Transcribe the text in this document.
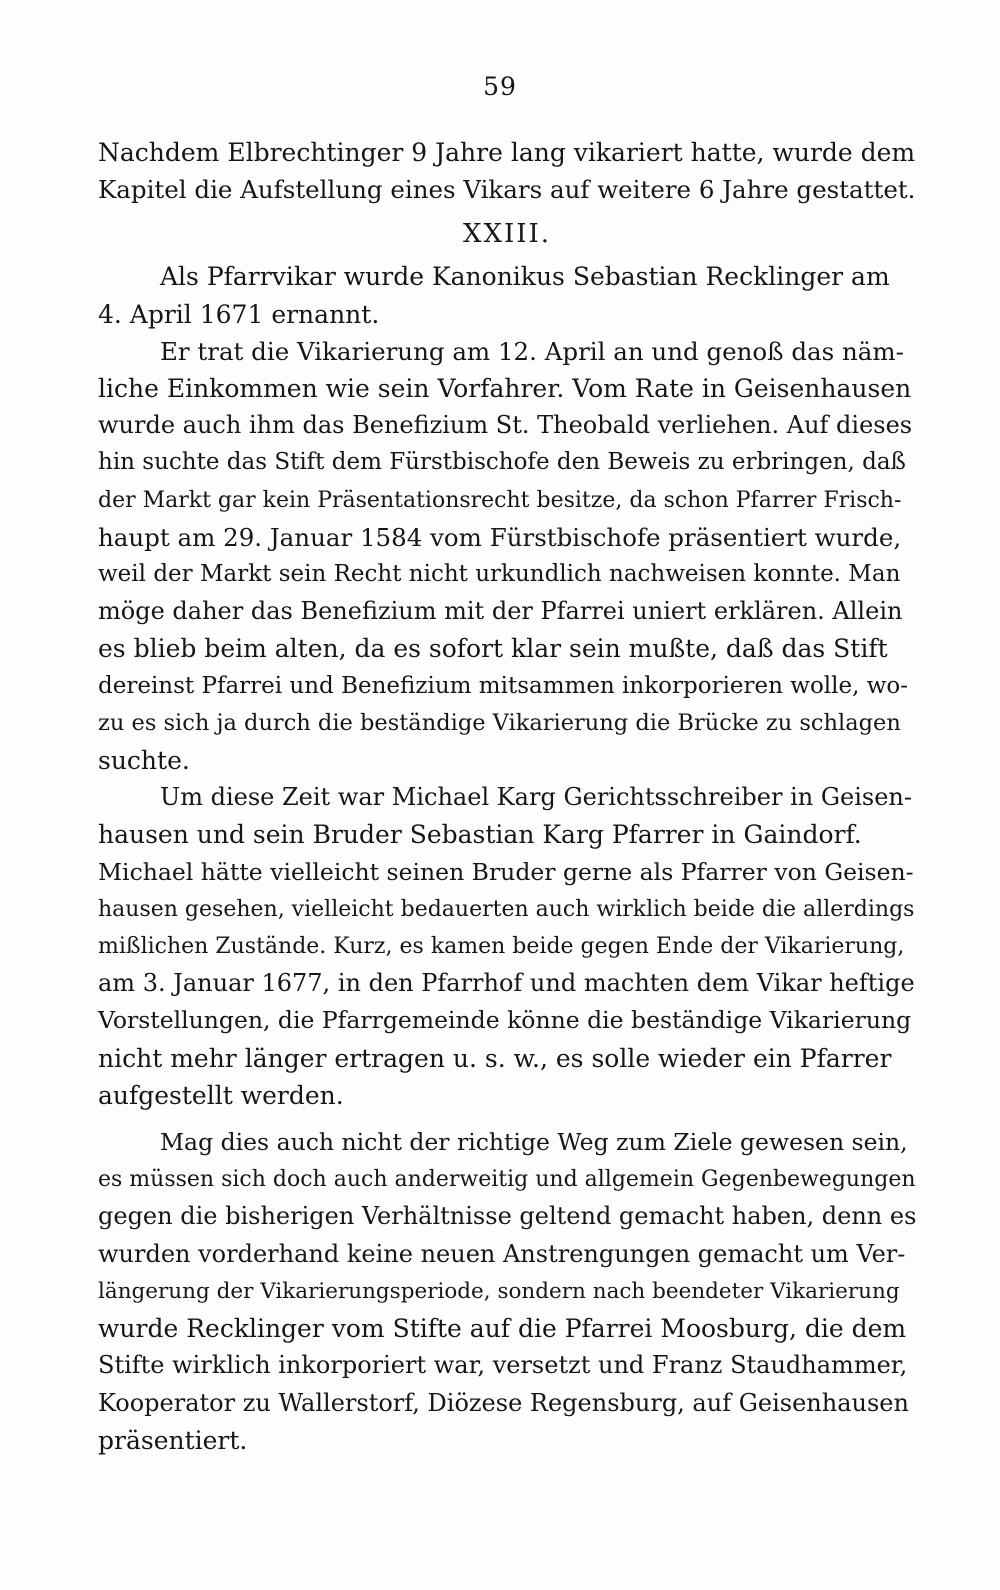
59

Nachdem Elbrechtinger 9 Jahre lang vikariert hatte, wurde dem
Kapitel die Aufstellung eines Vikars auf weitere 6 Jahre gestattet.

XXIII.

Als Pfarrvikar wurde Kanonikus Sebastian Recklinger am
4. April 1671 ernannt.

Er trat die Vikarierung am 12. April an und genoß das näm-
liche Einkommen wie sein Vorfahrer. Vom Rate in Geisenhausen
wurde auch ihm das Benefizium St. Theobald verliehen. Auf dieses
hin suchte das Stift dem Fürstbischofe den Beweis zu erbringen, daß
der Markt gar kein Präsentationsrecht besitze, da schon Pfarrer Frisch-
haupt am 29. Januar 1584 vom Fürstbischofe präsentiert wurde,
weil der Markt sein Recht nicht urkundlich nachweisen konnte. Man
möge daher das Benefizium mit der Pfarrei uniert erklären. Allein
es blieb beim alten, da es sofort klar sein mußte, daß das Stift
dereinst Pfarrei und Benefizium mitsammen inkorporieren wolle, wo-
zu es sich ja durch die beständige Vikarierung die Brücke zu schlagen
suchte.

Um diese Zeit war Michael Karg Gerichtsschreiber in Geisen-
hausen und sein Bruder Sebastian Karg Pfarrer in Gaindorf.
Michael hätte vielleicht seinen Bruder gerne als Pfarrer von Geisen-
hausen gesehen, vielleicht bedauerten auch wirklich beide die allerdings
mißlichen Zustände. Kurz, es kamen beide gegen Ende der Vikarierung,
am 3. Januar 1677, in den Pfarrhof und machten dem Vikar heftige
Vorstellungen, die Pfarrgemeinde könne die beständige Vikarierung
nicht mehr länger ertragen u. s. w., es solle wieder ein Pfarrer
aufgestellt werden.

Mag dies auch nicht der richtige Weg zum Ziele gewesen sein,
es müssen sich doch auch anderweitig und allgemein Gegenbewegungen
gegen die bisherigen Verhältnisse geltend gemacht haben, denn es
wurden vorderhand keine neuen Anstrengungen gemacht um Ver-
längerung der Vikarierungsperiode, sondern nach beendeter Vikarierung
wurde Recklinger vom Stifte auf die Pfarrei Moosburg, die dem
Stifte wirklich inkorporiert war, versetzt und Franz Staudhammer,
Kooperator zu Wallerstorf, Diözese Regensburg, auf Geisenhausen
präsentiert.
